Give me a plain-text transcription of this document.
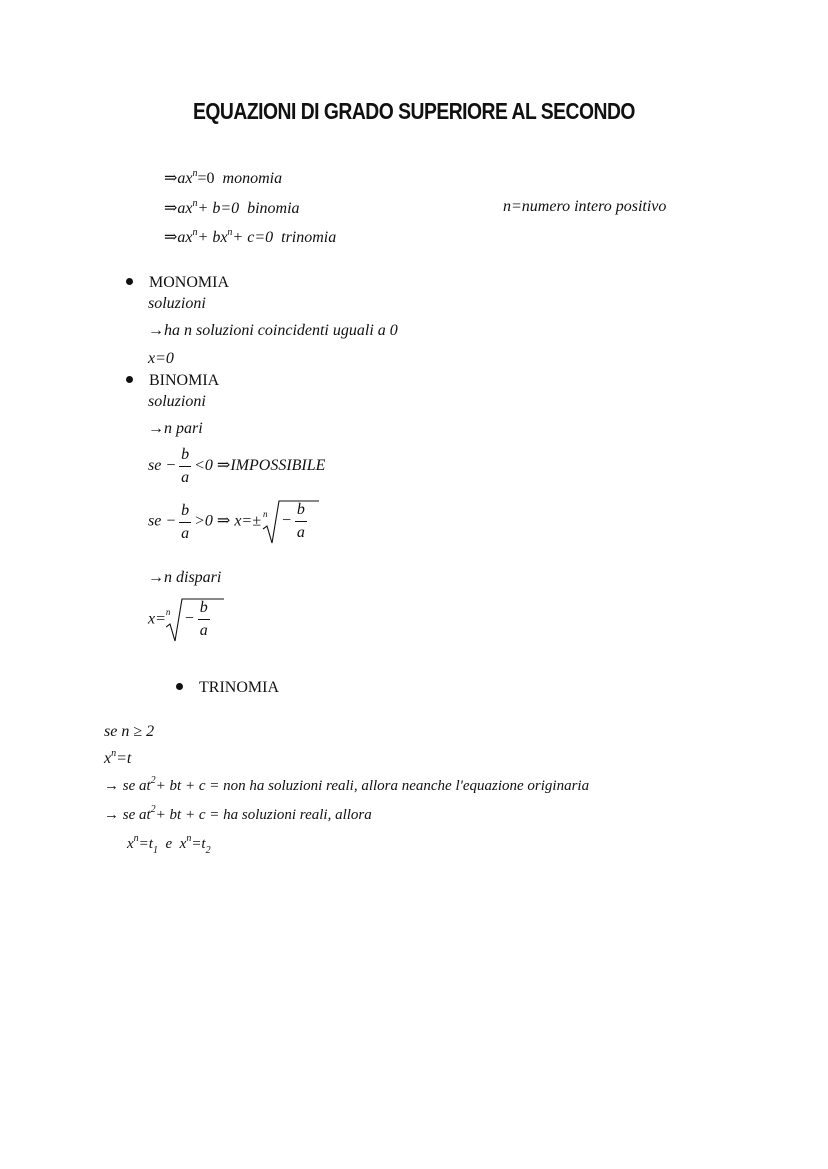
EQUAZIONI DI GRADO SUPERIORE AL SECONDO
$\Rightarrow ax^n=0$ monomia
$\Rightarrow ax^n+ b=0$ binomia	n=numero intero positivo
$\Rightarrow ax^n+ bx^n+ c=0$ trinomia
MONOMIA
soluzioni
→ha n soluzioni coincidenti uguali a 0
x=0
BINOMIA
soluzioni
→n pari
se − $\frac{b}{a} <0$ ⇒IMPOSSIBILE
se − $\frac{b}{a} >0$ ⇒ $x=\pm n - \frac{b}{a}$
→n dispari
$x= n - \frac{b}{a}$
TRINOMIA
se n ≥ 2
$x^n=t$
→ se $at^2+$ bt + c = non ha soluzioni reali, allora neanche l'equazione originaria
→ se $at^2+$ bt + c = ha soluzioni reali, allora
$x^n=t_1$ e $x^n=t_2$
